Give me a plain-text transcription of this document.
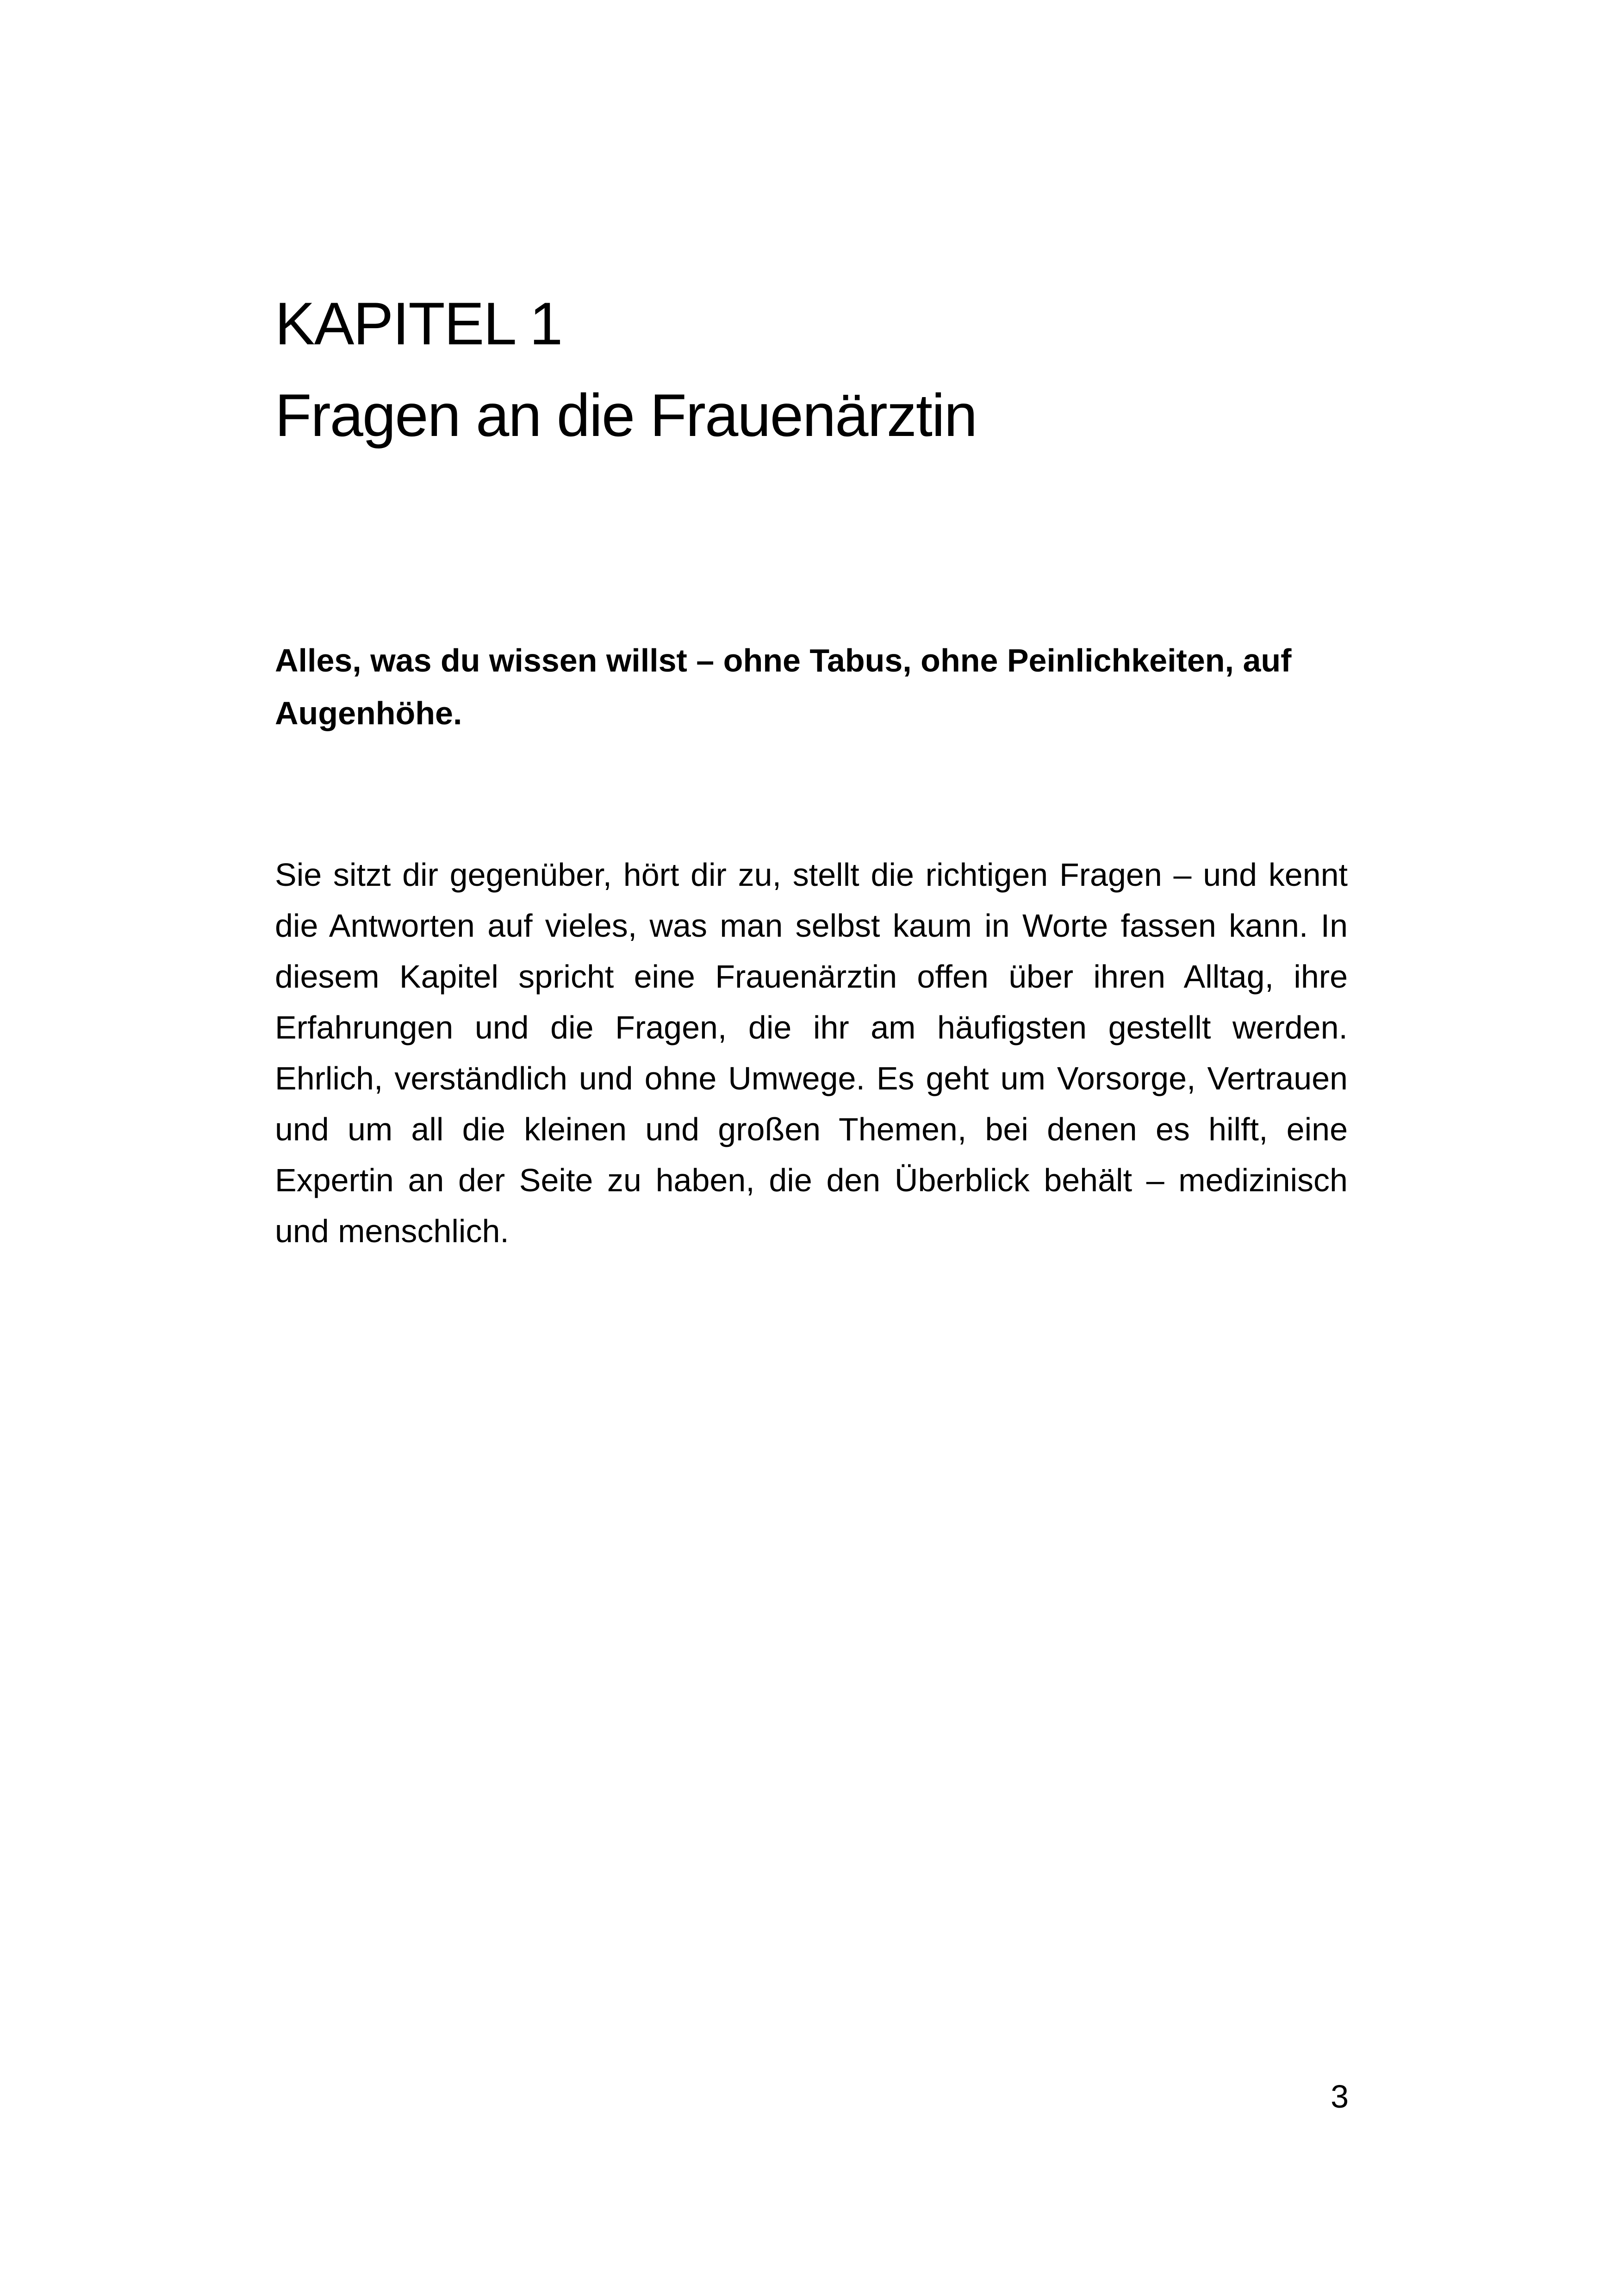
KAPITEL 1
Fragen an die Frauenärztin

Alles, was du wissen willst – ohne Tabus, ohne Peinlichkeiten, auf Augenhöhe.

Sie sitzt dir gegenüber, hört dir zu, stellt die richtigen Fragen – und kennt die Antworten auf vieles, was man selbst kaum in Worte fassen kann. In diesem Kapitel spricht eine Frauenärztin offen über ihren Alltag, ihre Erfahrungen und die Fragen, die ihr am häufigsten gestellt werden. Ehrlich, verständlich und ohne Umwege. Es geht um Vorsorge, Vertrauen und um all die kleinen und großen Themen, bei denen es hilft, eine Expertin an der Seite zu haben, die den Überblick behält – medizinisch und menschlich.

3
